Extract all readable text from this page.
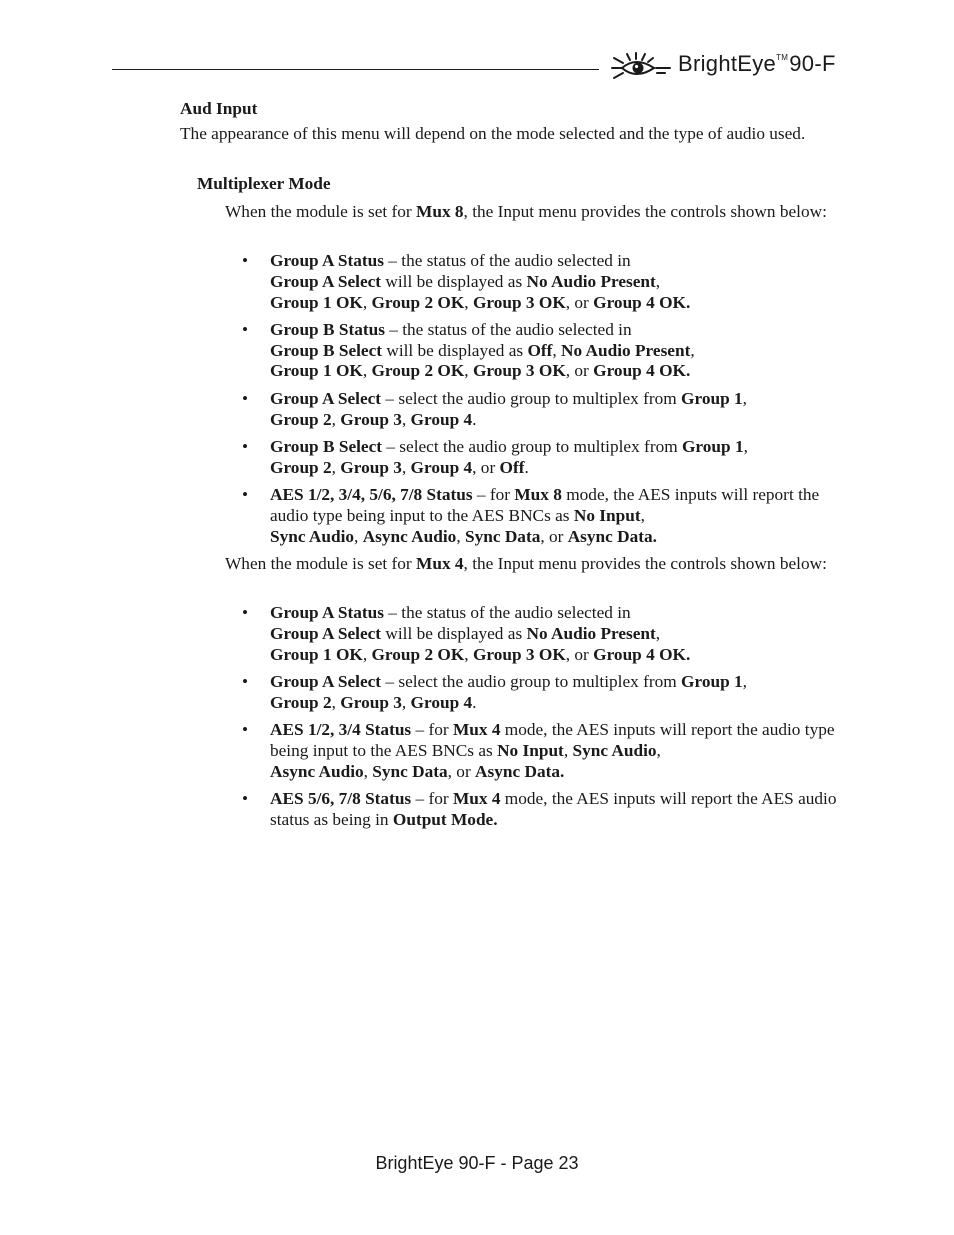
BrightEye™90-F
Aud Input
The appearance of this menu will depend on the mode selected and the type of audio used.
Multiplexer Mode
When the module is set for Mux 8, the Input menu provides the controls shown below:
• Group A Status – the status of the audio selected in
Group A Select will be displayed as No Audio Present,
Group 1 OK, Group 2 OK, Group 3 OK, or Group 4 OK.
• Group B Status – the status of the audio selected in
Group B Select will be displayed as Off, No Audio Present,
Group 1 OK, Group 2 OK, Group 3 OK, or Group 4 OK.
• Group A Select – select the audio group to multiplex from Group 1,
Group 2, Group 3, Group 4.
• Group B Select – select the audio group to multiplex from Group 1,
Group 2, Group 3, Group 4, or Off.
• AES 1/2, 3/4, 5/6, 7/8 Status – for Mux 8 mode, the AES inputs will report the audio type being input to the AES BNCs as No Input,
Sync Audio, Async Audio, Sync Data, or Async Data.
When the module is set for Mux 4, the Input menu provides the controls shown below:
• Group A Status – the status of the audio selected in
Group A Select will be displayed as No Audio Present,
Group 1 OK, Group 2 OK, Group 3 OK, or Group 4 OK.
• Group A Select – select the audio group to multiplex from Group 1,
Group 2, Group 3, Group 4.
• AES 1/2, 3/4 Status – for Mux 4 mode, the AES inputs will report the audio type being input to the AES BNCs as No Input, Sync Audio,
Async Audio, Sync Data, or Async Data.
• AES 5/6, 7/8 Status – for Mux 4 mode, the AES inputs will report the AES audio status as being in Output Mode.
BrightEye 90-F - Page 23
